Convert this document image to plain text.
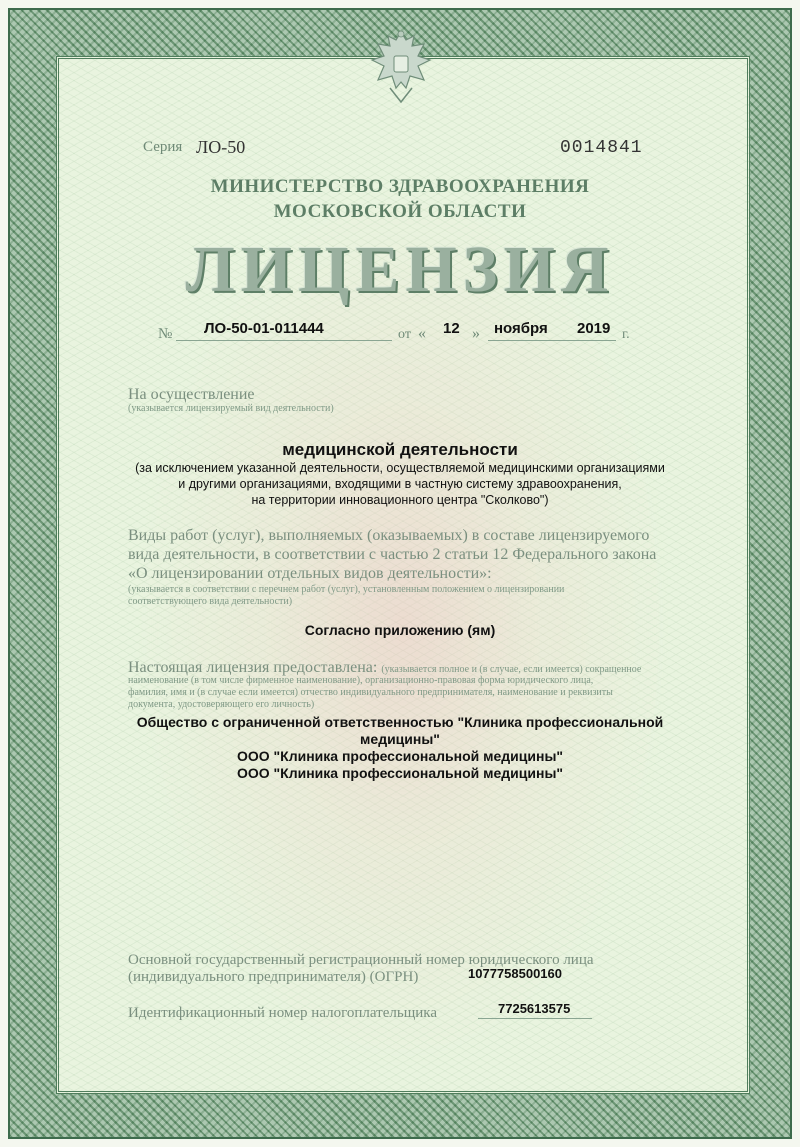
Серия ЛО-50	0014841
МИНИСТЕРСТВО ЗДРАВООХРАНЕНИЯ
МОСКОВСКОЙ ОБЛАСТИ
ЛИЦЕНЗИЯ
№ ЛО-50-01-011444	от « 12 » ноября 2019 г.
На осуществление
(указывается лицензируемый вид деятельности)
медицинской деятельности
(за исключением указанной деятельности, осуществляемой медицинскими организациями
и другими организациями, входящими в частную систему здравоохранения,
на территории инновационного центра "Сколково")
Виды работ (услуг), выполняемых (оказываемых) в составе лицензируемого
вида деятельности, в соответствии с частью 2 статьи 12 Федерального закона
«О лицензировании отдельных видов деятельности»:
(указывается в соответствии с перечнем работ (услуг), установленным положением о лицензировании
соответствующего вида деятельности)
Согласно приложению (ям)
Настоящая лицензия предоставлена: (указывается полное и (в случае, если имеется) сокращенное
наименование (в том числе фирменное наименование), организационно-правовая форма юридического лица,
фамилия, имя и (в случае если имеется) отчество индивидуального предпринимателя, наименование и реквизиты
документа, удостоверяющего его личность)
Общество с ограниченной ответственностью "Клиника профессиональной
медицины"
ООО "Клиника профессиональной медицины"
ООО "Клиника профессиональной медицины"
Основной государственный регистрационный номер юридического лица
(индивидуального предпринимателя) (ОГРН)	1077758500160
Идентификационный номер налогоплательщика	7725613575
